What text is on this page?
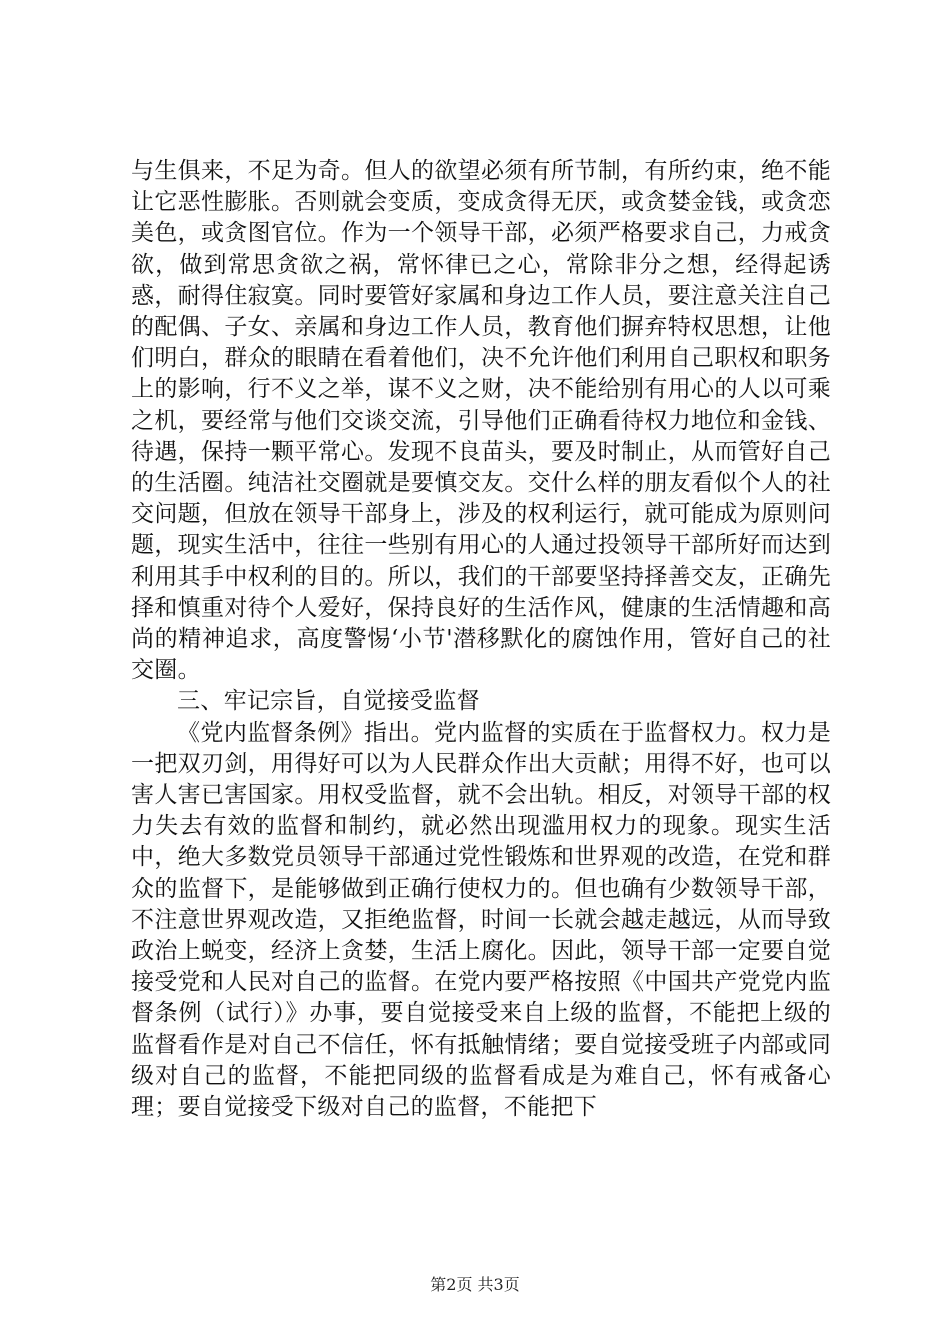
与生俱来，不足为奇。但人的欲望必须有所节制，有所约束，绝不能让它恶性膨胀。否则就会变质，变成贪得无厌，或贪婪金钱，或贪恋美色，或贪图官位。作为一个领导干部，必须严格要求自己，力戒贪欲，做到常思贪欲之祸，常怀律已之心，常除非分之想，经得起诱惑，耐得住寂寞。同时要管好家属和身边工作人员，要注意关注自己的配偶、子女、亲属和身边工作人员，教育他们摒弃特权思想，让他们明白，群众的眼睛在看着他们，决不允许他们利用自己职权和职务上的影响，行不义之举，谋不义之财，决不能给别有用心的人以可乘之机，要经常与他们交谈交流，引导他们正确看待权力地位和金钱、待遇，保持一颗平常心。发现不良苗头，要及时制止，从而管好自己的生活圈。纯洁社交圈就是要慎交友。交什么样的朋友看似个人的社交问题，但放在领导干部身上，涉及的权利运行，就可能成为原则问题，现实生活中，往往一些别有用心的人通过投领导干部所好而达到利用其手中权利的目的。所以，我们的干部要坚持择善交友，正确先择和慎重对待个人爱好，保持良好的生活作风，健康的生活情趣和高尚的精神追求，高度警惕‘小节'潜移默化的腐蚀作用，管好自己的社交圈。

三、牢记宗旨，自觉接受监督

《党内监督条例》指出。党内监督的实质在于监督权力。权力是一把双刃剑，用得好可以为人民群众作出大贡献；用得不好，也可以害人害已害国家。用权受监督，就不会出轨。相反，对领导干部的权力失去有效的监督和制约，就必然出现滥用权力的现象。现实生活中，绝大多数党员领导干部通过党性锻炼和世界观的改造，在党和群众的监督下，是能够做到正确行使权力的。但也确有少数领导干部，不注意世界观改造，又拒绝监督，时间一长就会越走越远，从而导致政治上蜕变，经济上贪婪，生活上腐化。因此，领导干部一定要自觉接受党和人民对自己的监督。在党内要严格按照《中国共产党党内监督条例（试行）》办事，要自觉接受来自上级的监督，不能把上级的监督看作是对自己不信任，怀有抵触情绪；要自觉接受班子内部或同级对自己的监督，不能把同级的监督看成是为难自己，怀有戒备心理；要自觉接受下级对自己的监督，不能把下

第2页 共3页
